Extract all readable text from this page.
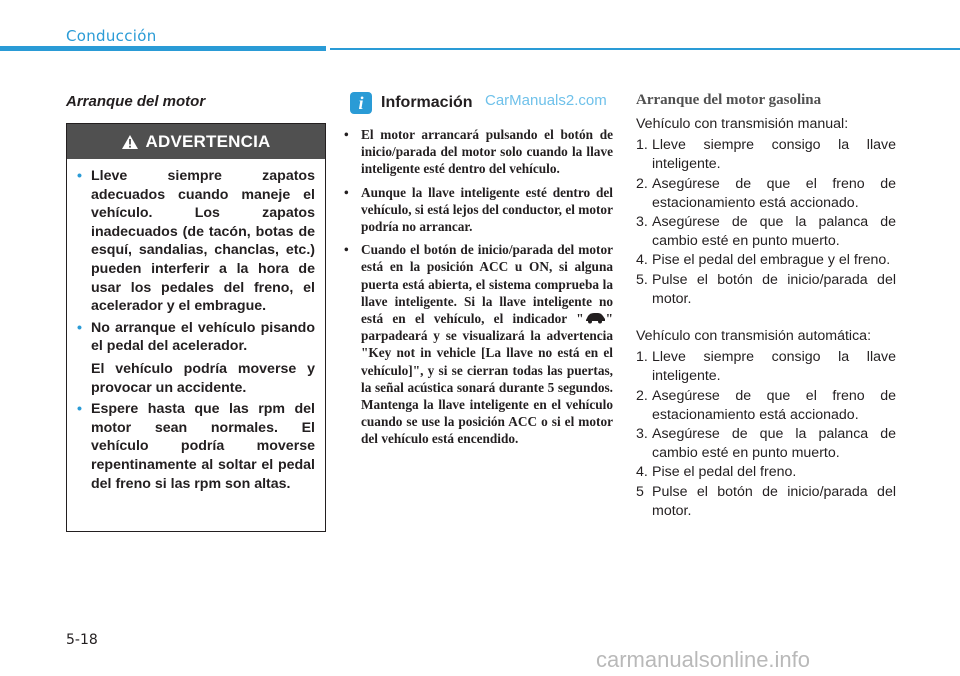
Conducción
Arranque del motor
ADVERTENCIA
• Lleve siempre zapatos adecuados cuando maneje el vehículo. Los zapatos inadecuados (de tacón, botas de esquí, sandalias, chanclas, etc.) pueden interferir a la hora de usar los pedales del freno, el acelerador y el embrague.
• No arranque el vehículo pisando el pedal del acelerador.
El vehículo podría moverse y provocar un accidente.
• Espere hasta que las rpm del motor sean normales. El vehículo podría moverse repentinamente al soltar el pedal del freno si las rpm son altas.
i	Información CarManuals2.com
• El motor arrancará pulsando el botón de inicio/parada del motor solo cuando la llave inteligente esté dentro del vehículo.
• Aunque la llave inteligente esté dentro del vehículo, si está lejos del conductor, el motor podría no arrancar.
• Cuando el botón de inicio/parada del motor está en la posición ACC u ON, si alguna puerta está abierta, el sistema comprueba la llave inteligente. Si la llave inteligente no está en el vehículo, el indicador " " parpadeará y se visualizará la advertencia "Key not in vehicle [La llave no está en el vehículo]", y si se cierran todas las puertas, la señal acústica sonará durante 5 segundos. Mantenga la llave inteligente en el vehículo cuando se use la posición ACC o si el motor del vehículo está encendido.
Arranque del motor gasolina
Vehículo con transmisión manual:
1. Lleve siempre consigo la llave inteligente.
2. Asegúrese de que el freno de estacionamiento está accionado.
3. Asegúrese de que la palanca de cambio esté en punto muerto.
4. Pise el pedal del embrague y el freno.
5. Pulse el botón de inicio/parada del motor.
Vehículo con transmisión automática:
1. Lleve siempre consigo la llave inteligente.
2. Asegúrese de que el freno de estacionamiento está accionado.
3. Asegúrese de que la palanca de cambio esté en punto muerto.
4. Pise el pedal del freno.
5 Pulse el botón de inicio/parada del motor.
5-18
carmanualsonline.info
